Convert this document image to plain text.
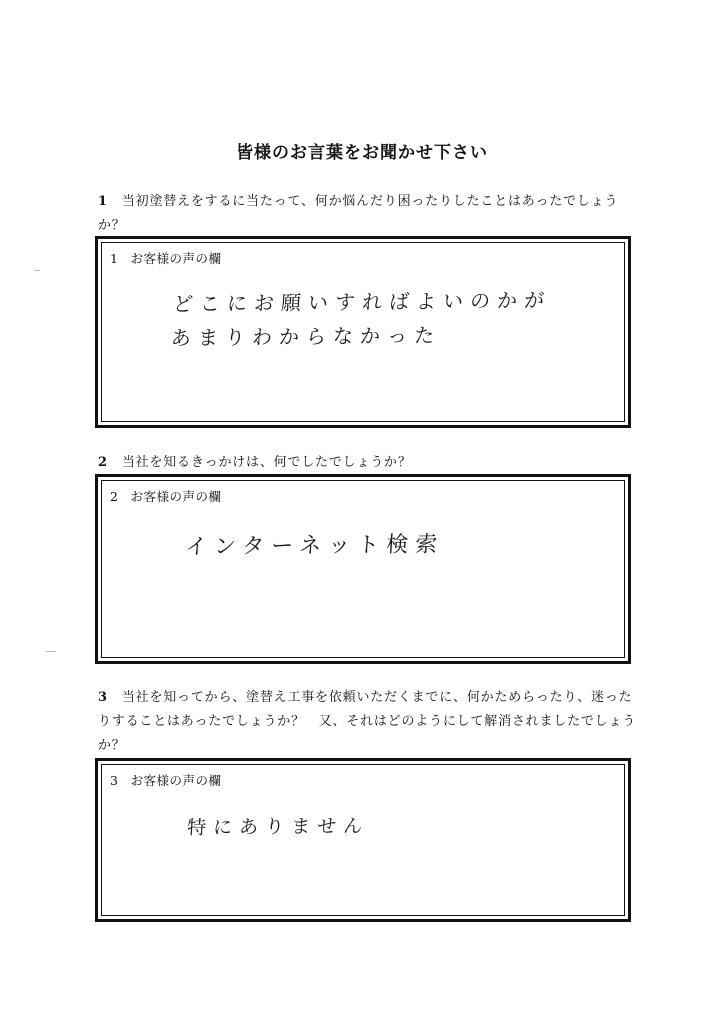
皆様のお言葉をお聞かせ下さい
1 当初塗替えをするに当たって、何か悩んだり困ったりしたことはあったでしょう
か？
1 お客様の声の欄
どこにお願いすればよいのかが
あまりわからなかった
2 当社を知るきっかけは、何でしたでしょうか？
2 お客様の声の欄
インターネット検索
3 当社を知ってから、塗替え工事を依頼いただくまでに、何かためらったり、迷った
りすることはあったでしょうか？　又、それはどのようにして解消されましたでしょう
か？
3 お客様の声の欄
特にありません
